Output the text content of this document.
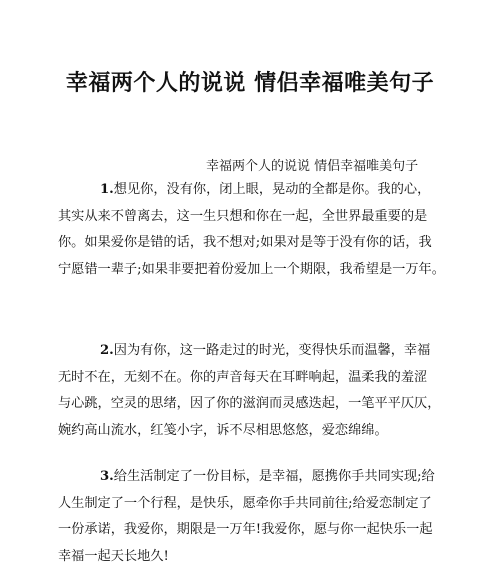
幸福两个人的说说 情侣幸福唯美句子
幸福两个人的说说 情侣幸福唯美句子
1.想见你，没有你，闭上眼，晃动的全都是你。我的心，
其实从来不曾离去，这一生只想和你在一起，全世界最重要的是
你。如果爱你是错的话，我不想对;如果对是等于没有你的话，我
宁愿错一辈子;如果非要把着份爱加上一个期限，我希望是一万年。
2.因为有你，这一路走过的时光，变得快乐而温馨，幸福
无时不在，无刻不在。你的声音每天在耳畔响起，温柔我的羞涩
与心跳，空灵的思绪，因了你的滋润而灵感迭起，一笔平平仄仄，
婉约高山流水，红笺小字，诉不尽相思悠悠，爱恋绵绵。
3.给生活制定了一份目标，是幸福，愿携你手共同实现;给
人生制定了一个行程，是快乐，愿牵你手共同前往;给爱恋制定了
一份承诺，我爱你，期限是一万年!我爱你，愿与你一起快乐一起
幸福一起天长地久!
